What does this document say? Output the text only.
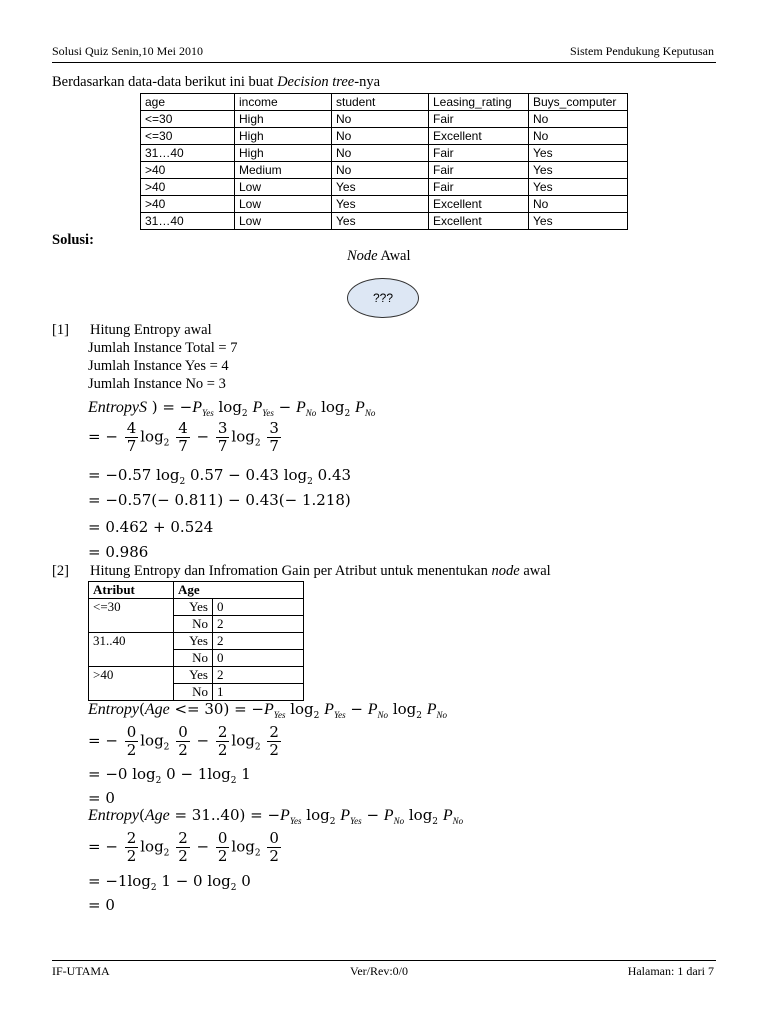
Solusi Quiz Senin,10 Mei 2010	Sistem Pendukung Keputusan
Berdasarkan data-data berikut ini buat Decision tree-nya
age	income	student	Leasing_rating	Buys_computer
<=30	High	No	Fair	No
<=30	High	No	Excellent	No
31…40	High	No	Fair	Yes
>40	Medium	No	Fair	Yes
>40	Low	Yes	Fair	Yes
>40	Low	Yes	Excellent	No
31…40	Low	Yes	Excellent	Yes
Solusi:
Node Awal
???
[1] Hitung Entropy awal
Jumlah Instance Total = 7
Jumlah Instance Yes = 4
Jumlah Instance No = 3
EntropyS ) = $-P_{Yes}$ $\log_2 P_{Yes} - P_{No}$ $\log_2 P_{No}$
= − $\frac{4}{7} \log_2 \frac{4}{7} - \frac{3}{7} \log_2 \frac{3}{7}$
= −0.57 $\log_2 0.57 - 0.43$ $\log_2 0.43$
= −0.57(− 0.811) − 0.43(− 1.218)
= 0.462 + 0.524
= 0.986
[2] Hitung Entropy dan Infromation Gain per Atribut untuk menentukan node awal
Atribut	Age	
<=30	Yes	0
	No	2
31..40	Yes	2
	No	0
>40	Yes	2
	No	1
Entropy(Age <= $30) = -P_{Yes}$ $\log_2 P_{Yes} - P_{No}$ $\log_2 P_{No}$
= − $\frac{0}{2} \log_2 \frac{0}{2} - \frac{2}{2} \log_2 \frac{2}{2}$
= −0 $\log_2 0 - 1\log_2$ 1
= 0
Entropy(Age = $31..40) = -P_{Yes}$ $\log_2 P_{Yes} - P_{No}$ $\log_2 P_{No}$
= − $\frac{2}{2} \log_2 \frac{2}{2} - \frac{0}{2} \log_2 \frac{0}{2}$
= $-1\log_2$ 1 − 0 $\log_2 0$
= 0
IF-UTAMA	Ver/Rev:0/0	Halaman: 1 dari 7
